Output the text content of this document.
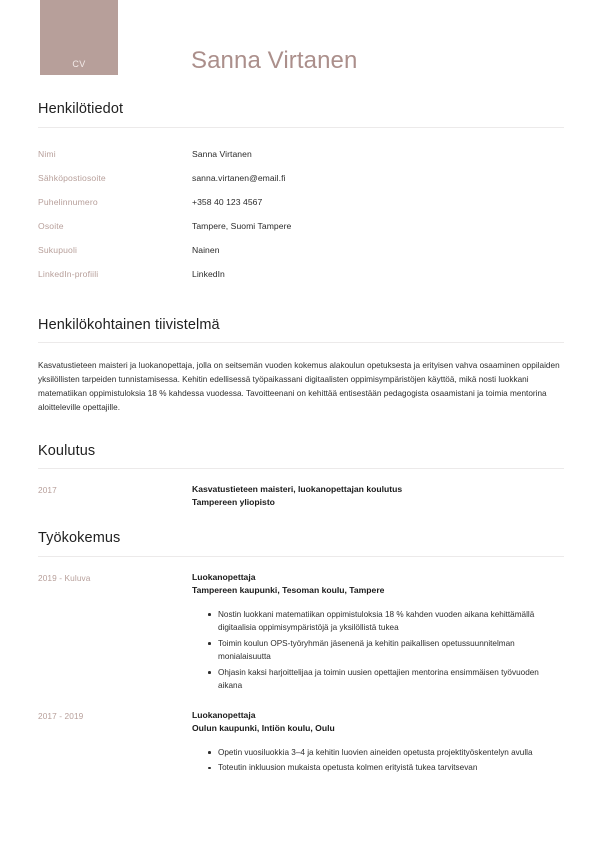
CV	Sanna Virtanen
Henkilötiedot
Nimi	Sanna Virtanen
Sähköpostiosoite	sanna.virtanen@email.fi
Puhelinnumero	+358 40 123 4567
Osoite	Tampere, Suomi Tampere
Sukupuoli	Nainen
LinkedIn-profiili	LinkedIn
Henkilökohtainen tiivistelmä
Kasvatustieteen maisteri ja luokanopettaja, jolla on seitsemän vuoden kokemus alakoulun opetuksesta ja erityisen vahva osaaminen oppilaiden yksilöllisten tarpeiden tunnistamisessa. Kehitin edellisessä työpaikassani digitaalisten oppimisympäristöjen käyttöä, mikä nosti luokkani matematiikan oppimistuloksia 18 % kahdessa vuodessa. Tavoitteenani on kehittää entisestään pedagogista osaamistani ja toimia mentorina aloitteleville opettajille.
Koulutus
2017	Kasvatustieteen maisteri, luokanopettajan koulutus
Tampereen yliopisto
Työkokemus
2019 - Kuluva	Luokanopettaja
Tampereen kaupunki, Tesoman koulu, Tampere
Nostin luokkani matematiikan oppimistuloksia 18 % kahden vuoden aikana kehittämällä digitaalisia oppimisympäristöjä ja yksilöllistä tukea
Toimin koulun OPS-työryhmän jäsenenä ja kehitin paikallisen opetussuunnitelman monialaisuutta
Ohjasin kaksi harjoittelijaa ja toimin uusien opettajien mentorina ensimmäisen työvuoden aikana
2017 - 2019	Luokanopettaja
Oulun kaupunki, Intiön koulu, Oulu
Opetin vuosiluokkia 3–4 ja kehitin luovien aineiden opetusta projektityöskentelyn avulla
Toteutin inkluusion mukaista opetusta kolmen erityistä tukea tarvitsevan
